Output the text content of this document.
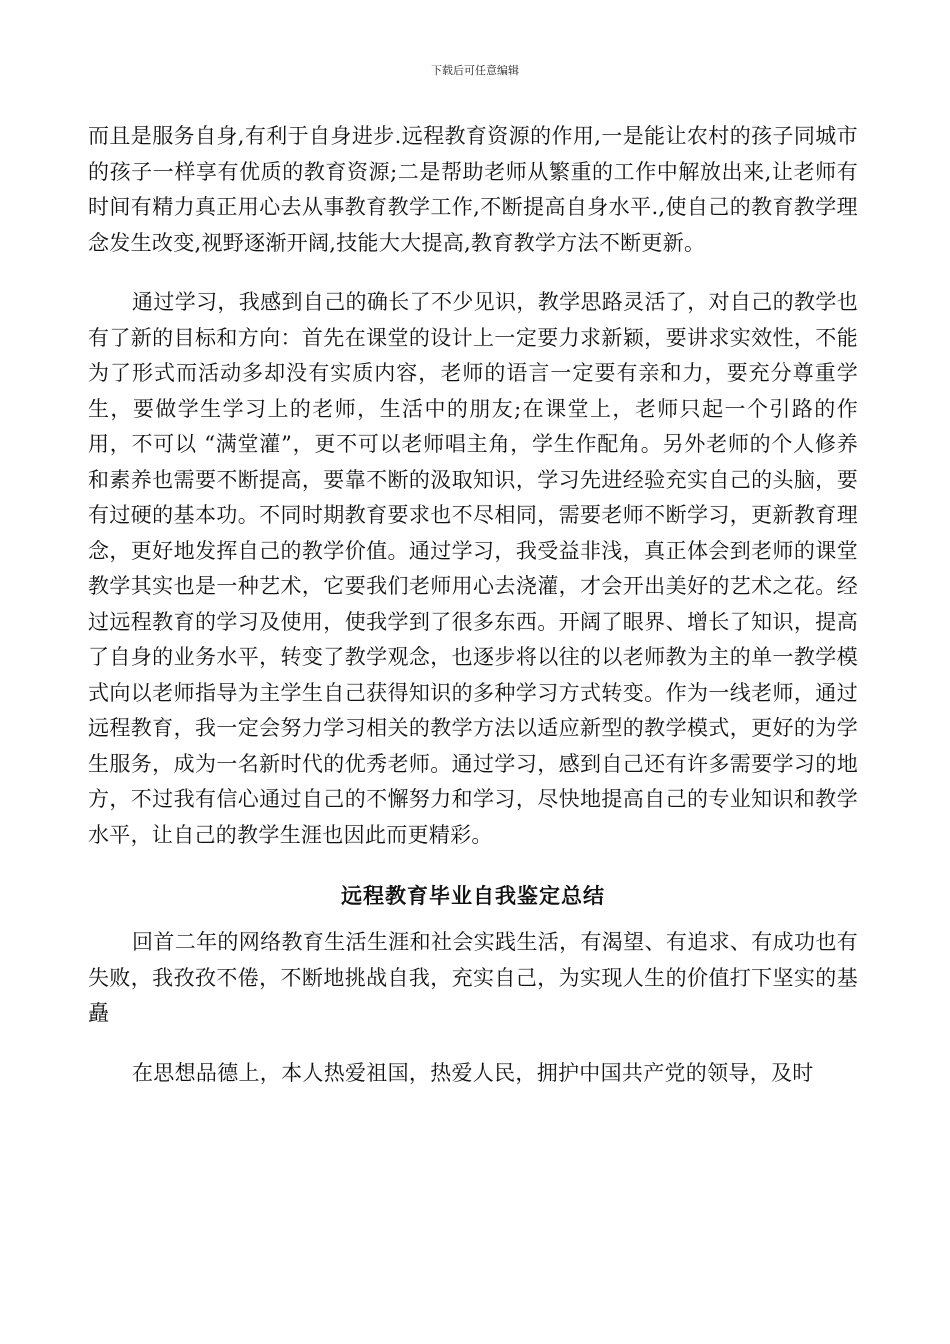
下载后可任意编辑

而且是服务自身,有利于自身进步.远程教育资源的作用,一是能让农村的孩子同城市的孩子一样享有优质的教育资源;二是帮助老师从繁重的工作中解放出来,让老师有时间有精力真正用心去从事教育教学工作,不断提高自身水平.,使自己的教育教学理念发生改变,视野逐渐开阔,技能大大提高,教育教学方法不断更新。

通过学习，我感到自己的确长了不少见识，教学思路灵活了，对自己的教学也有了新的目标和方向：首先在课堂的设计上一定要力求新颖，要讲求实效性，不能为了形式而活动多却没有实质内容，老师的语言一定要有亲和力，要充分尊重学生，要做学生学习上的老师，生活中的朋友;在课堂上，老师只起一个引路的作用，不可以 “满堂灌”，更不可以老师唱主角，学生作配角。另外老师的个人修养和素养也需要不断提高，要靠不断的汲取知识，学习先进经验充实自己的头脑，要有过硬的基本功。不同时期教育要求也不尽相同，需要老师不断学习，更新教育理念，更好地发挥自己的教学价值。通过学习，我受益非浅，真正体会到老师的课堂教学其实也是一种艺术，它要我们老师用心去浇灌，才会开出美好的艺术之花。经过远程教育的学习及使用，使我学到了很多东西。开阔了眼界、增长了知识，提高了自身的业务水平，转变了教学观念，也逐步将以往的以老师教为主的单一教学模式向以老师指导为主学生自己获得知识的多种学习方式转变。作为一线老师，通过远程教育，我一定会努力学习相关的教学方法以适应新型的教学模式，更好的为学生服务，成为一名新时代的优秀老师。通过学习，感到自己还有许多需要学习的地方，不过我有信心通过自己的不懈努力和学习，尽快地提高自己的专业知识和教学水平，让自己的教学生涯也因此而更精彩。

远程教育毕业自我鉴定总结

回首二年的网络教育生活生涯和社会实践生活，有渴望、有追求、有成功也有失败，我孜孜不倦，不断地挑战自我，充实自己，为实现人生的价值打下坚实的基矗

在思想品德上，本人热爱祖国，热爱人民，拥护中国共产党的领导，及时
